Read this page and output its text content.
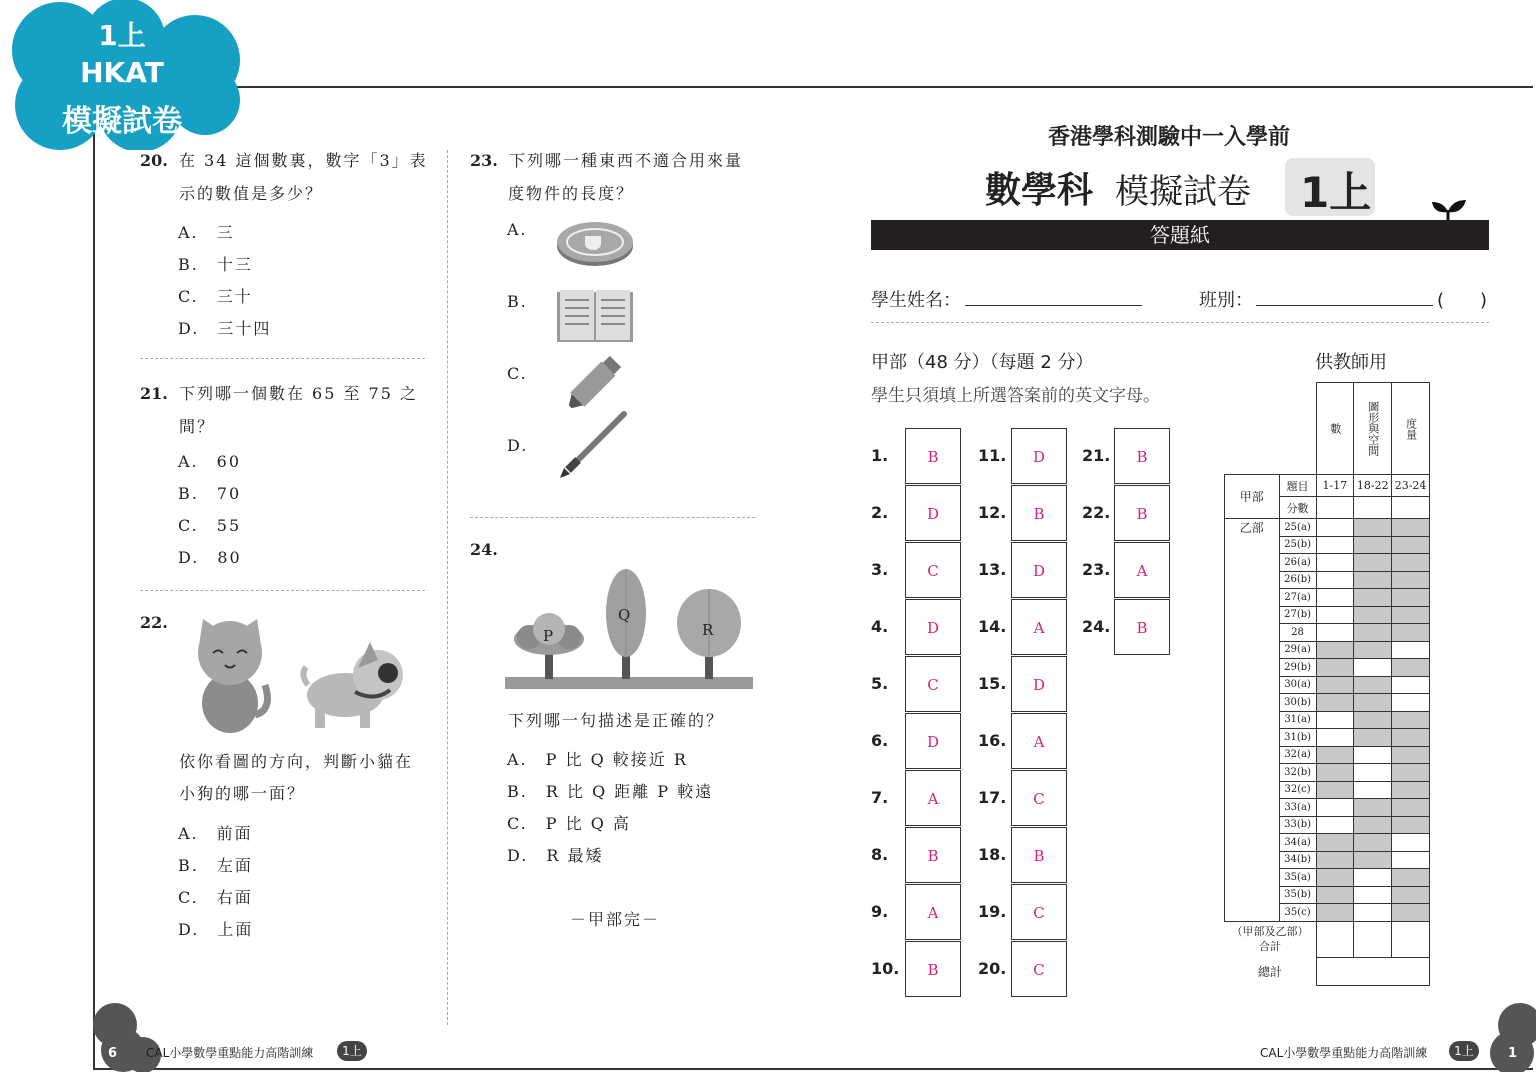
1上
HKAT
模擬試卷
20. 在 34 這個數裏，數字「3」表
示的數值是多少？
A. 三
B. 十三
C. 三十
D. 三十四
21. 下列哪一個數在 65 至 75 之
間？
A. 60
B. 70
C. 55
D. 80
22.
依你看圖的方向，判斷小貓在
小狗的哪一面？
A. 前面
B. 左面
C. 右面
D. 上面
23. 下列哪一種東西不適合用來量
度物件的長度？
A.
B.
C.
D.
24.
P
Q
R
下列哪一句描述是正確的？
A. P 比 Q 較接近 R
B. R 比 Q 距離 P 較遠
C. P 比 Q 高
D. R 最矮
－甲部完－
香港學科測驗中一入學前
數學科 模擬試卷 1上
答題紙
學生姓名：	班別：	(　　)
甲部（48 分）（每題 2 分）
學生只須填上所選答案前的英文字母。
供教師用
1.	B
2.	D
3.	C
4.	D
5.	C
6.	D
7.	A
8.	B
9.	A
10.	B
11.	D
12.	B
13.	D
14.	A
15.	D
16.	A
17.	C
18.	B
19.	C
20.	C
21.	B
22.	B
23.	A
24.	B

		數	圖形與空間	度量

甲部	題目	1-17	18-22	23-24
	分數			
乙部	25(a)			
	25(b)			
	26(a)			
	26(b)			
	27(a)			
	27(b)			
	28			
	29(a)			
	29(b)			
	30(a)			
	30(b)			
	31(a)			
	31(b)			
	32(a)			
	32(b)			
	32(c)			
	33(a)			
	33(b)			
	34(a)			
	34(b)			
	35(a)			
	35(b)			
	35(c)			

（甲部及乙部）
合計				

總計				
6 CAL小學數學重點能力高階訓練	1上	CAL小學數學重點能力高階訓練	1上	1
